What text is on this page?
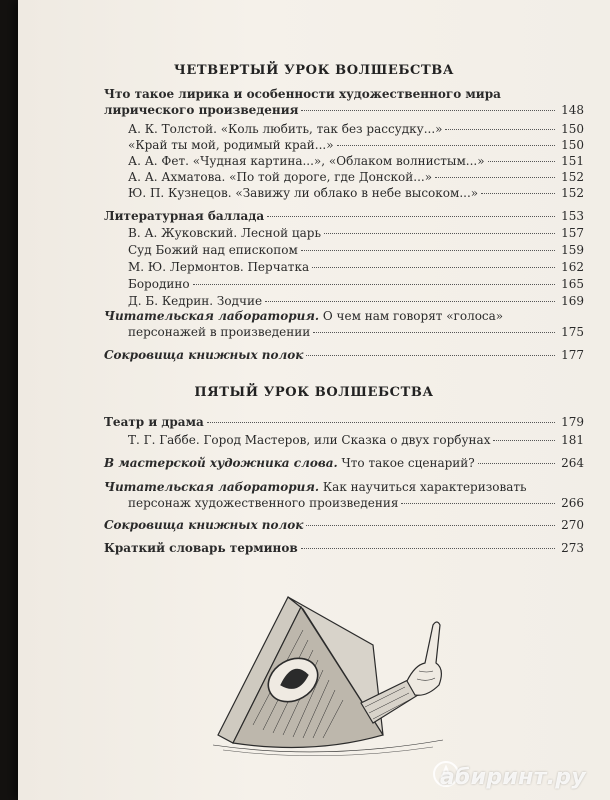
ЧЕТВЕРТЫЙ УРОК ВОЛШЕБСТВА
Что такое лирика и особенности художественного мира
лирического произведения	148
А. К. Толстой. «Коль любить, так без рассудку...»	150
«Край ты мой, родимый край...»	150
А. А. Фет. «Чудная картина...», «Облаком волнистым...»	151
А. А. Ахматова. «По той дороге, где Донской...»	152
Ю. П. Кузнецов. «Завижу ли облако в небе высоком...»	152
Литературная баллада	153
В. А. Жуковский. Лесной царь	157
Суд Божий над епископом	159
М. Ю. Лермонтов. Перчатка	162
Бородино	165
Д. Б. Кедрин. Зодчие	169
Читательская лаборатория. О чем нам говорят «голоса»
персонажей в произведении	175
Сокровища книжных полок	177
ПЯТЫЙ УРОК ВОЛШЕБСТВА
Театр и драма	179
Т. Г. Габбе. Город Мастеров, или Сказка о двух горбунах	181
В мастерской художника слова. Что такое сценарий?	264
Читательская лаборатория. Как научиться характеризовать
персонаж художественного произведения	266
Сокровища книжных полок	270
Краткий словарь терминов	273
абиринт.ру
